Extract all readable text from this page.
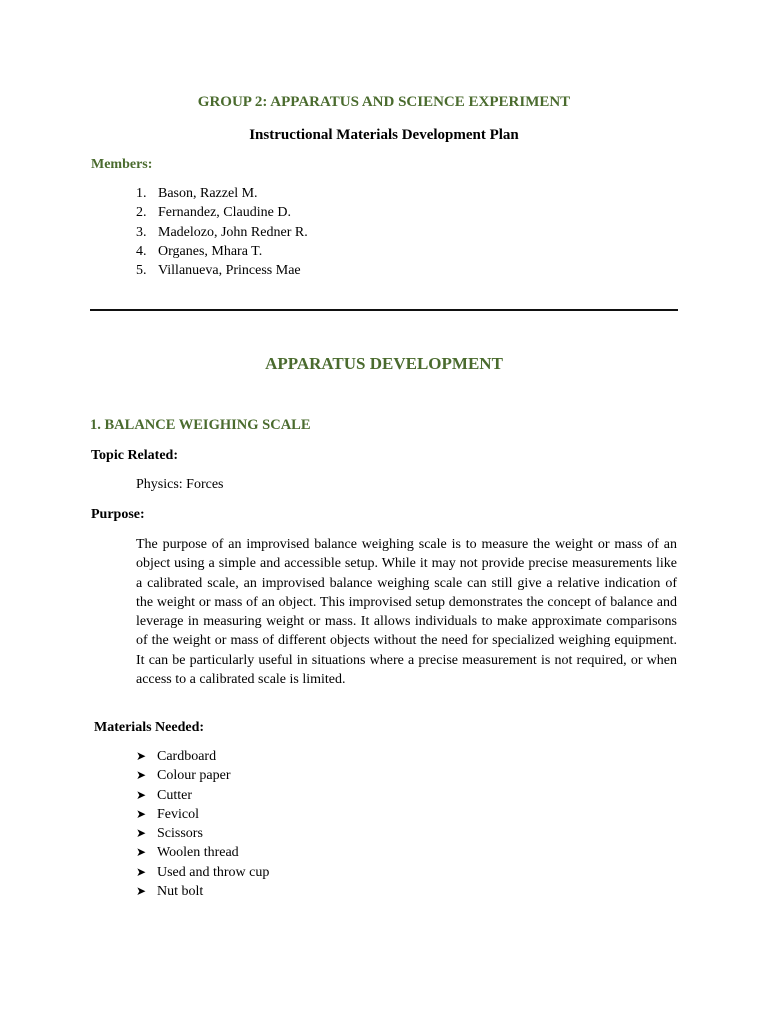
GROUP 2: APPARATUS AND SCIENCE EXPERIMENT
Instructional Materials Development Plan

Members:

1. Bason, Razzel M.
2. Fernandez, Claudine D.
3. Madelozo, John Redner R.
4. Organes, Mhara T.
5. Villanueva, Princess Mae
APPARATUS DEVELOPMENT
1. BALANCE WEIGHING SCALE

Topic Related:

Physics: Forces

Purpose:

The purpose of an improvised balance weighing scale is to measure the weight or mass of an object using a simple and accessible setup. While it may not provide precise measurements like a calibrated scale, an improvised balance weighing scale can still give a relative indication of the weight or mass of an object. This improvised setup demonstrates the concept of balance and leverage in measuring weight or mass. It allows individuals to make approximate comparisons of the weight or mass of different objects without the need for specialized weighing equipment. It can be particularly useful in situations where a precise measurement is not required, or when access to a calibrated scale is limited.

Materials Needed:

➤ Cardboard
➤ Colour paper
➤ Cutter
➤ Fevicol
➤ Scissors
➤ Woolen thread
➤ Used and throw cup
➤ Nut bolt
